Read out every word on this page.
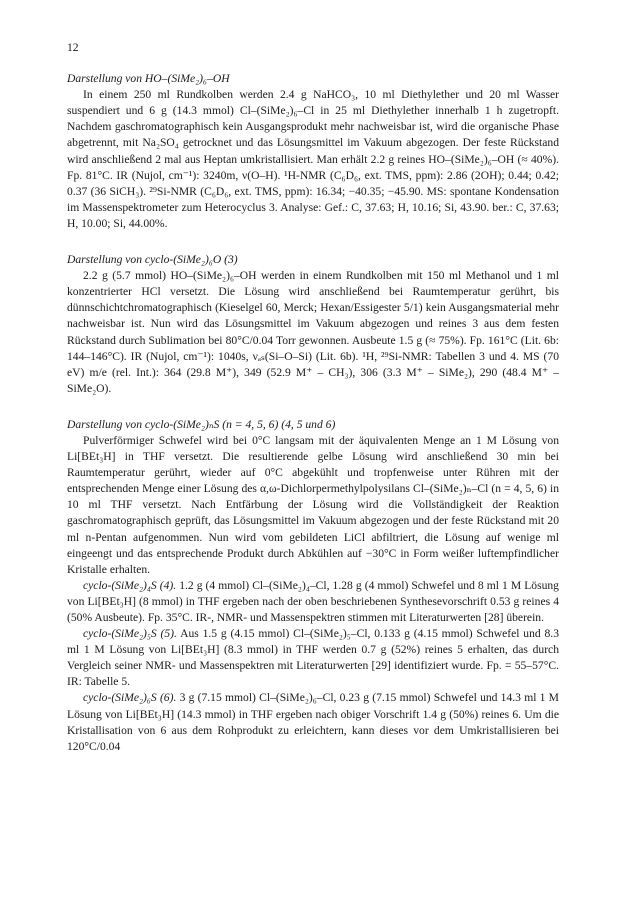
12

Darstellung von HO–(SiMe₂)₆–OH

In einem 250 ml Rundkolben werden 2.4 g NaHCO₃, 10 ml Diethylether und 20 ml Wasser suspendiert und 6 g (14.3 mmol) Cl–(SiMe₂)₆–Cl in 25 ml Diethylether innerhalb 1 h zugetropft. Nachdem gaschromatographisch kein Ausgangsprodukt mehr nachweisbar ist, wird die organische Phase abgetrennt, mit Na₂SO₄ getrocknet und das Lösungsmittel im Vakuum abgezogen. Der feste Rückstand wird anschließend 2 mal aus Heptan umkristallisiert. Man erhält 2.2 g reines HO–(SiMe₂)₆–OH (≈ 40%). Fp. 81°C. IR (Nujol, cm⁻¹): 3240m, ν(O–H). ¹H-NMR (C₆D₆, ext. TMS, ppm): 2.86 (2OH); 0.44; 0.42; 0.37 (36 SiCH₃). ²⁹Si-NMR (C₆D₆, ext. TMS, ppm): 16.34; −40.35; −45.90. MS: spontane Kondensation im Massenspektrometer zum Heterocyclus 3. Analyse: Gef.: C, 37.63; H, 10.16; Si, 43.90. ber.: C, 37.63; H, 10.00; Si, 44.00%.

Darstellung von cyclo-(SiMe₂)₆O (3)

2.2 g (5.7 mmol) HO–(SiMe₂)₆–OH werden in einem Rundkolben mit 150 ml Methanol und 1 ml konzentrierter HCl versetzt. Die Lösung wird anschließend bei Raumtemperatur gerührt, bis dünnschichtchromatographisch (Kieselgel 60, Merck; Hexan/Essigester 5/1) kein Ausgangsmaterial mehr nachweisbar ist. Nun wird das Lösungsmittel im Vakuum abgezogen und reines 3 aus dem festen Rückstand durch Sublimation bei 80°C/0.04 Torr gewonnen. Ausbeute 1.5 g (≈ 75%). Fp. 161°C (Lit. 6b: 144–146°C). IR (Nujol, cm⁻¹): 1040s, νₐₛ(Si–O–Si) (Lit. 6b). ¹H, ²⁹Si-NMR: Tabellen 3 und 4. MS (70 eV) m/e (rel. Int.): 364 (29.8 M⁺), 349 (52.9 M⁺ – CH₃), 306 (3.3 M⁺ – SiMe₂), 290 (48.4 M⁺ – SiMe₂O).

Darstellung von cyclo-(SiMe₂)ₙS (n = 4, 5, 6) (4, 5 und 6)

Pulverförmiger Schwefel wird bei 0°C langsam mit der äquivalenten Menge an 1 M Lösung von Li[BEt₃H] in THF versetzt. Die resultierende gelbe Lösung wird anschließend 30 min bei Raumtemperatur gerührt, wieder auf 0°C abgekühlt und tropfenweise unter Rühren mit der entsprechenden Menge einer Lösung des α,ω-Dichlorpermethylpolysilans Cl–(SiMe₂)ₙ–Cl (n = 4, 5, 6) in 10 ml THF versetzt. Nach Entfärbung der Lösung wird die Vollständigkeit der Reaktion gaschromatographisch geprüft, das Lösungsmittel im Vakuum abgezogen und der feste Rückstand mit 20 ml n-Pentan aufgenommen. Nun wird vom gebildeten LiCl abfiltriert, die Lösung auf wenige ml eingeengt und das entsprechende Produkt durch Abkühlen auf −30°C in Form weißer luftempfindlicher Kristalle erhalten.

cyclo-(SiMe₂)₄S (4). 1.2 g (4 mmol) Cl–(SiMe₂)₄–Cl, 1.28 g (4 mmol) Schwefel und 8 ml 1 M Lösung von Li[BEt₃H] (8 mmol) in THF ergeben nach der oben beschriebenen Synthesevorschrift 0.53 g reines 4 (50% Ausbeute). Fp. 35°C. IR-, NMR- und Massenspektren stimmen mit Literaturwerten [28] überein.

cyclo-(SiMe₂)₅S (5). Aus 1.5 g (4.15 mmol) Cl–(SiMe₂)₅–Cl, 0.133 g (4.15 mmol) Schwefel und 8.3 ml 1 M Lösung von Li[BEt₃H] (8.3 mmol) in THF werden 0.7 g (52%) reines 5 erhalten, das durch Vergleich seiner NMR- und Massenspektren mit Literaturwerten [29] identifiziert wurde. Fp. = 55–57°C. IR: Tabelle 5.

cyclo-(SiMe₂)₆S (6). 3 g (7.15 mmol) Cl–(SiMe₂)₆–Cl, 0.23 g (7.15 mmol) Schwefel und 14.3 ml 1 M Lösung von Li[BEt₃H] (14.3 mmol) in THF ergeben nach obiger Vorschrift 1.4 g (50%) reines 6. Um die Kristallisation von 6 aus dem Rohprodukt zu erleichtern, kann dieses vor dem Umkristallisieren bei 120°C/0.04
